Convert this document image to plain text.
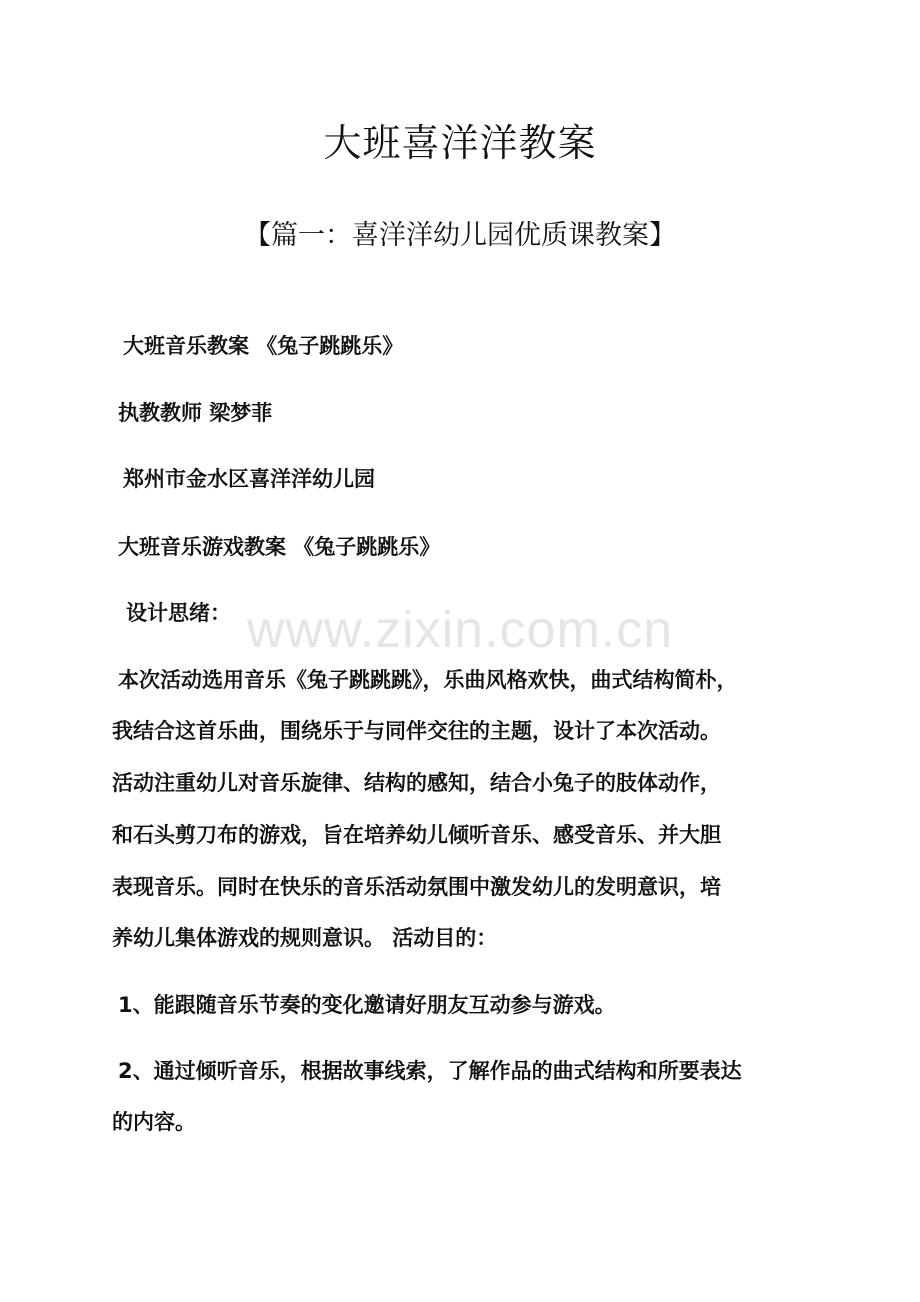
大班喜洋洋教案
【篇一：喜洋洋幼儿园优质课教案】

大班音乐教案 《兔子跳跳乐》

执教教师 梁梦菲

郑州市金水区喜洋洋幼儿园

大班音乐游戏教案 《兔子跳跳乐》

设计思绪：

本次活动选用音乐《兔子跳跳跳》，乐曲风格欢快，曲式结构简朴，

我结合这首乐曲，围绕乐于与同伴交往的主题，设计了本次活动。

活动注重幼儿对音乐旋律、结构的感知，结合小兔子的肢体动作，

和石头剪刀布的游戏，旨在培养幼儿倾听音乐、感受音乐、并大胆

表现音乐。同时在快乐的音乐活动氛围中激发幼儿的发明意识，培

养幼儿集体游戏的规则意识。 活动目的：

1、能跟随音乐节奏的变化邀请好朋友互动参与游戏。

2、通过倾听音乐，根据故事线索，了解作品的曲式结构和所要表达

的内容。

www.zixin.com.cn
